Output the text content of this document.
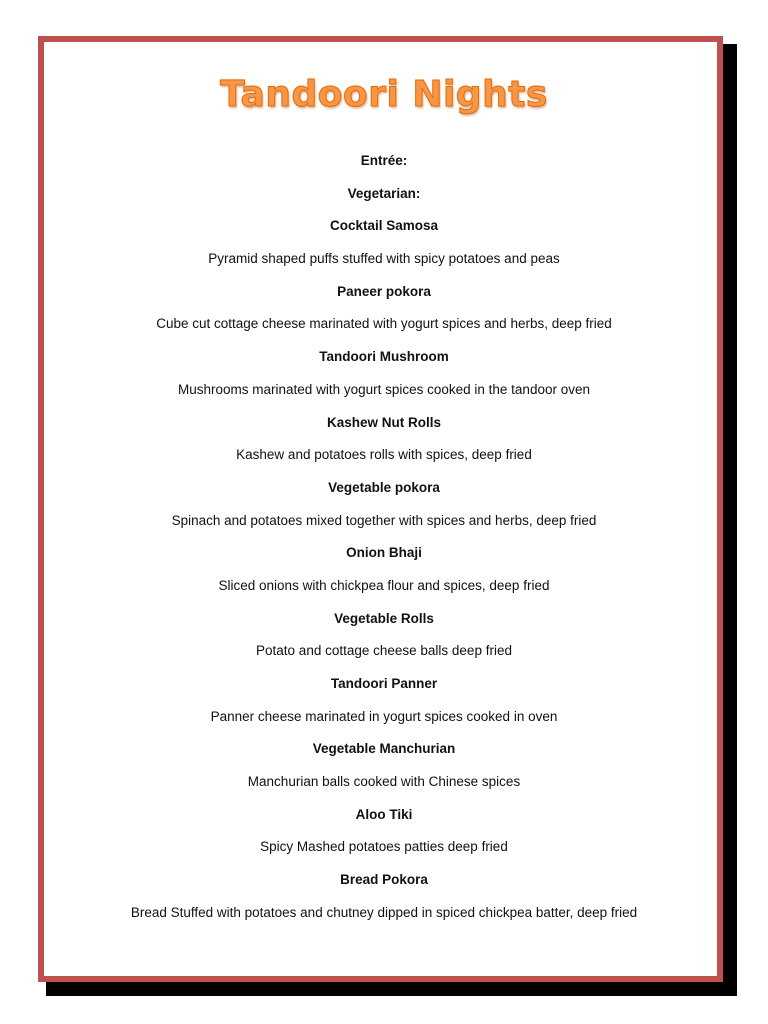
Tandoori Nights
Entrée:
Vegetarian:
Cocktail Samosa
Pyramid shaped puffs stuffed with spicy potatoes and peas
Paneer pokora
Cube cut cottage cheese marinated with yogurt spices and herbs, deep fried
Tandoori Mushroom
Mushrooms marinated with yogurt spices cooked in the tandoor oven
Kashew Nut Rolls
Kashew and potatoes rolls with spices, deep fried
Vegetable pokora
Spinach and potatoes mixed together with spices and herbs, deep fried
Onion Bhaji
Sliced onions with chickpea flour and spices, deep fried
Vegetable Rolls
Potato and cottage cheese balls deep fried
Tandoori Panner
Panner cheese marinated in yogurt spices cooked in oven
Vegetable Manchurian
Manchurian balls cooked with Chinese spices
Aloo Tiki
Spicy Mashed potatoes patties deep fried
Bread Pokora
Bread Stuffed with potatoes and chutney dipped in spiced chickpea batter, deep fried
